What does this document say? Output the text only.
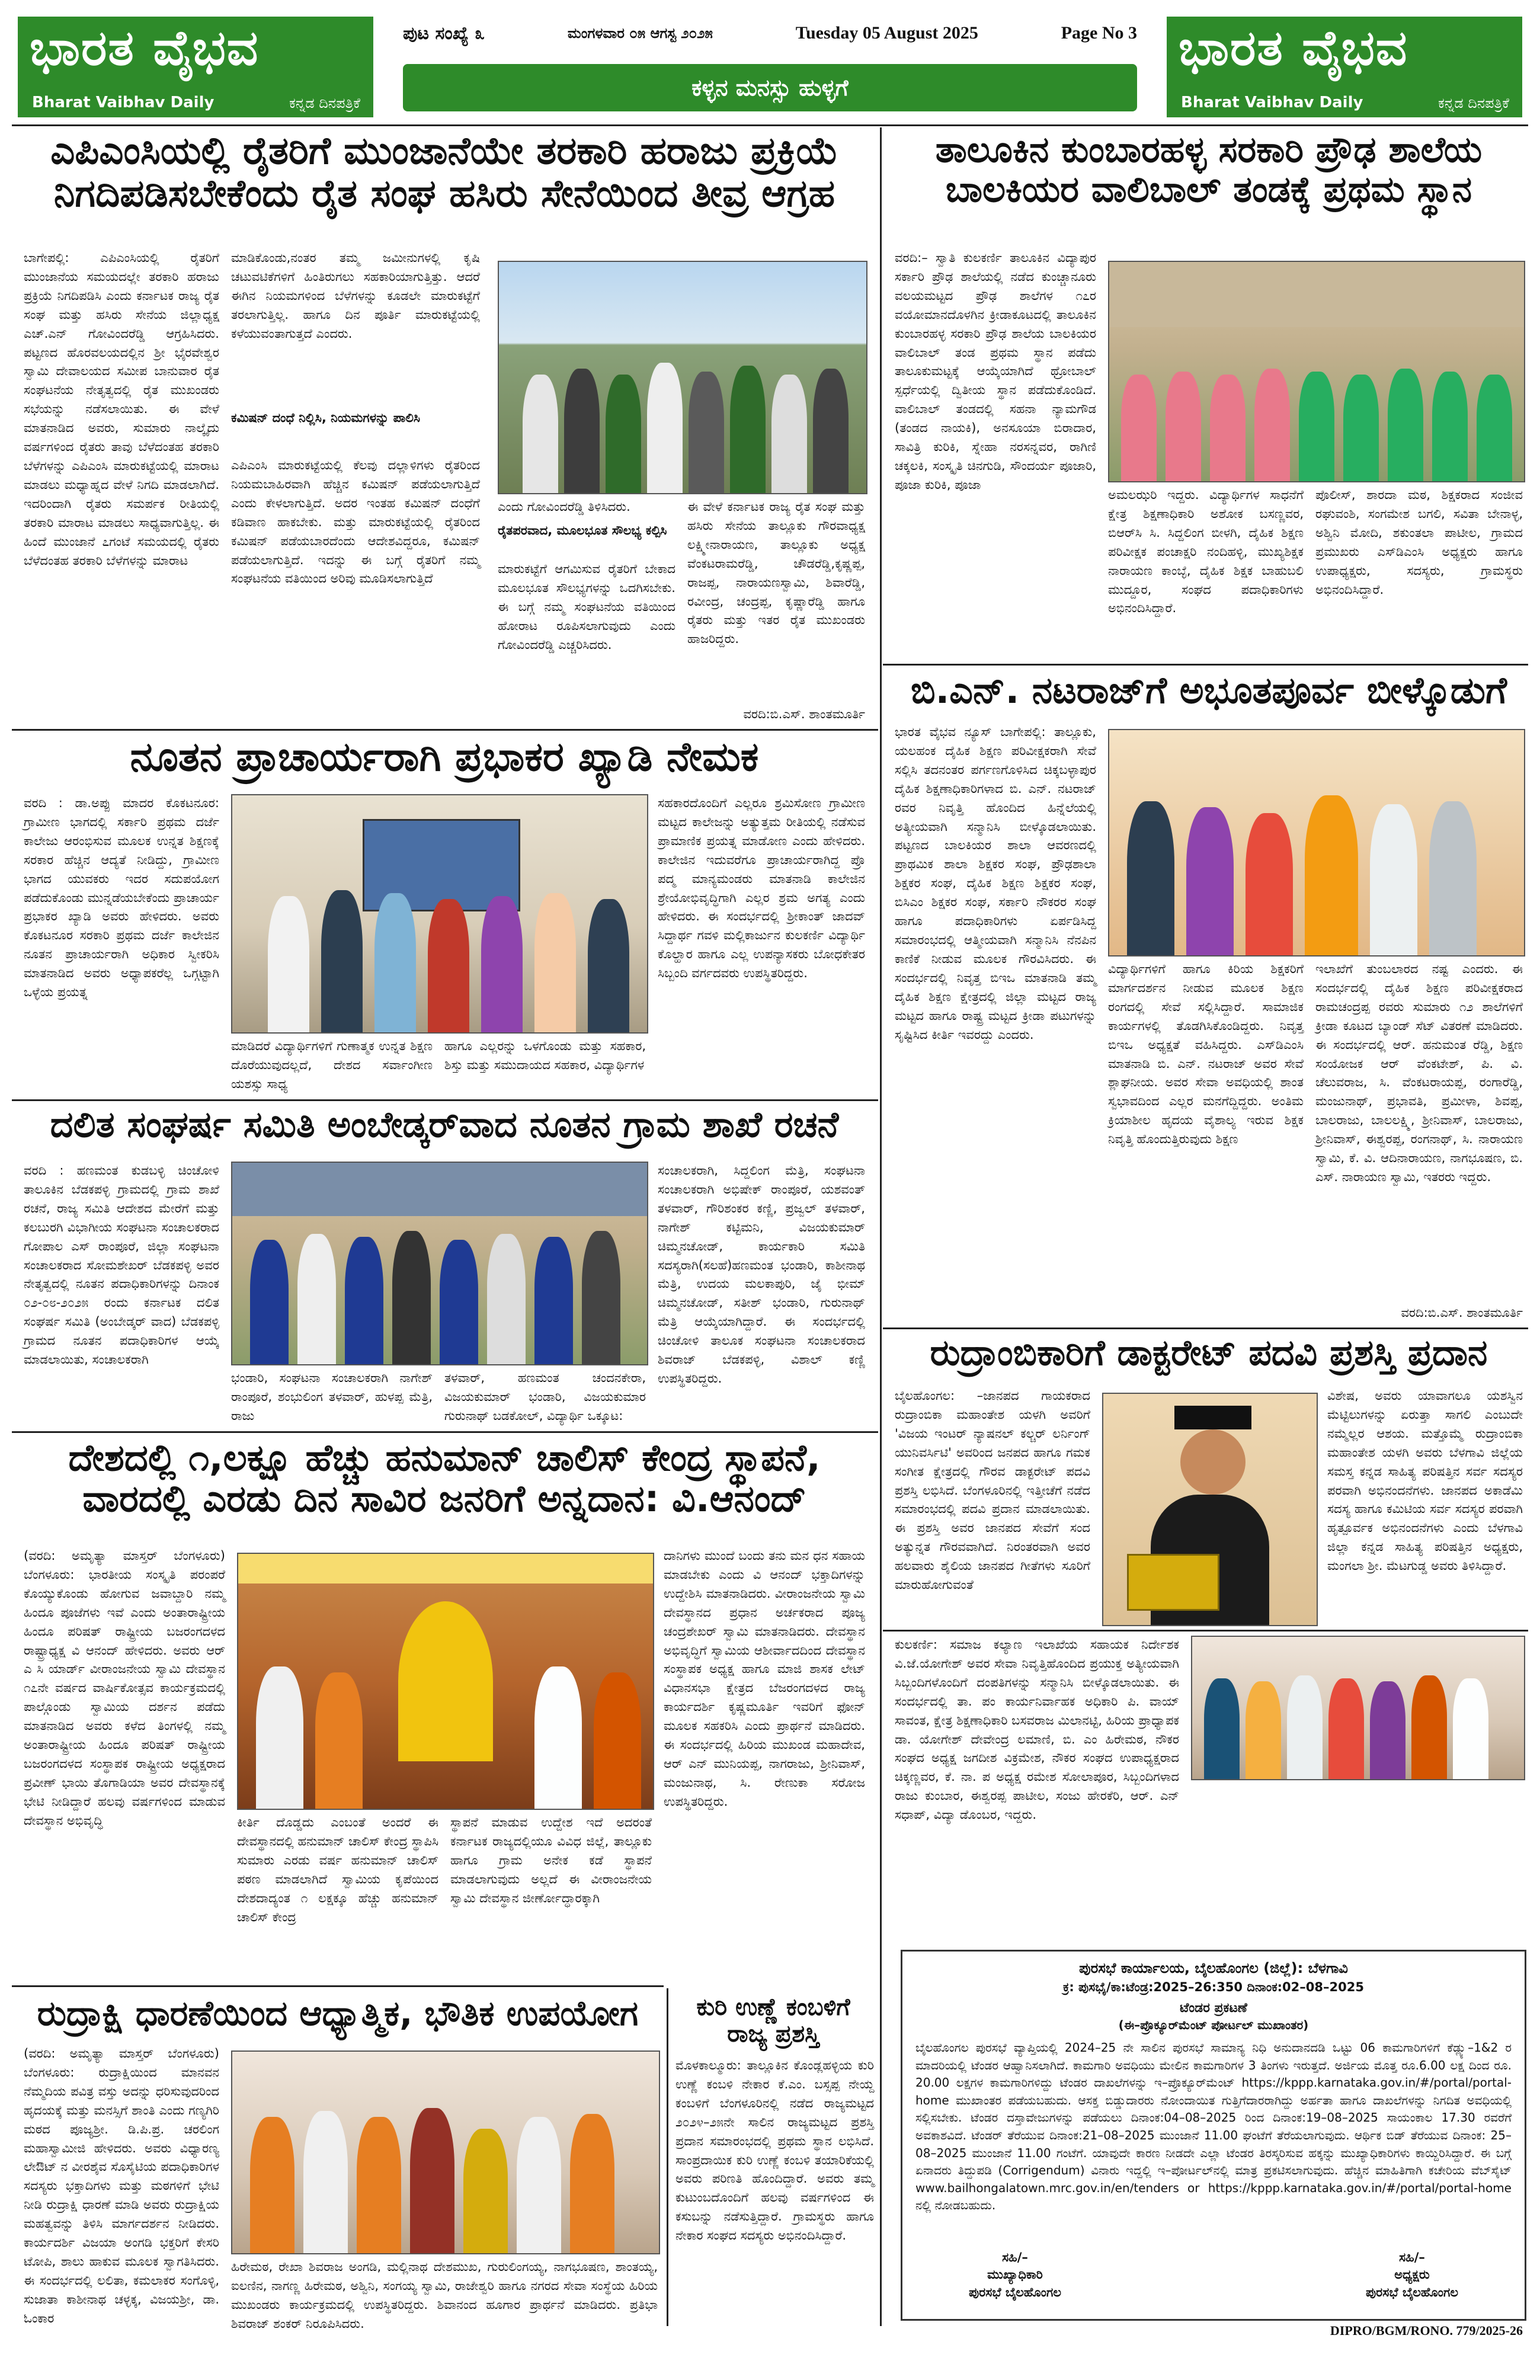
ಭಾರತ ವೈಭವ
Bharat Vaibhav Daily	ಕನ್ನಡ ದಿನಪತ್ರಿಕೆ
ಪುಟ ಸಂಖ್ಯೆ ೩	ಮಂಗಳವಾರ ೦೫ ಆಗಸ್ಟ ೨೦೨೫	Tuesday 05 August 2025	Page No 3
ಕಳ್ಳನ ಮನಸ್ಸು ಹುಳ್ಳಗೆ
ಭಾರತ ವೈಭವ
Bharat Vaibhav Daily	ಕನ್ನಡ ದಿನಪತ್ರಿಕೆ
ಎಪಿಎಂಸಿಯಲ್ಲಿ ರೈತರಿಗೆ ಮುಂಜಾನೆಯೇ ತರಕಾರಿ ಹರಾಜು ಪ್ರಕ್ರಿಯೆ ನಿಗದಿಪಡಿಸಬೇಕೆಂದು ರೈತ ಸಂಘ ಹಸಿರು ಸೇನೆಯಿಂದ ತೀವ್ರ ಆಗ್ರಹ
ಬಾಗೇಪಲ್ಲಿ: ಎಪಿಎಂಸಿಯಲ್ಲಿ ರೈತರಿಗೆ ಮುಂಜಾನೆಯ ಸಮಯದಲ್ಲೇ ತರಕಾರಿ ಹರಾಜು ಪ್ರಕ್ರಿಯೆ ನಿಗದಿಪಡಿಸಿ ಎಂದು ಕರ್ನಾಟಕ ರಾಜ್ಯ ರೈತ ಸಂಘ ಮತ್ತು ಹಸಿರು ಸೇನೆಯ ಜಿಲ್ಲಾಧ್ಯಕ್ಷ ಎಚ್.ಎನ್ ಗೋವಿಂದರೆಡ್ಡಿ ಆಗ್ರಹಿಸಿದರು. ಪಟ್ಟಣದ ಹೊರವಲಯದಲ್ಲಿನ ಶ್ರೀ ಭೈರವೇಶ್ವರ ಸ್ವಾಮಿ ದೇವಾಲಯದ ಸಮೀಪ ಬಾನುವಾರ ರೈತ ಸಂಘಟನೆಯ ನೇತೃತ್ವದಲ್ಲಿ ರೈತ ಮುಖಂಡರು ಸಭೆಯನ್ನು ನಡೆಸಲಾಯಿತು. ಈ ವೇಳೆ ಮಾತನಾಡಿದ ಅವರು, ಸುಮಾರು ನಾಲ್ಕೈದು ವರ್ಷಗಳಿಂದ ರೈತರು ತಾವು ಬೆಳೆದಂತಹ ತರಕಾರಿ ಬೆಳೆಗಳನ್ನು ಎಪಿಎಂಸಿ ಮಾರುಕಟ್ಟೆಯಲ್ಲಿ ಮಾರಾಟ ಮಾಡಲು ಮಧ್ಯಾಹ್ನದ ವೇಳೆ ನಿಗದಿ ಮಾಡಲಾಗಿದೆ. ಇದರಿಂದಾಗಿ ರೈತರು ಸಮರ್ಪಕ ರೀತಿಯಲ್ಲಿ ತರಕಾರಿ ಮಾರಾಟ ಮಾಡಲು ಸಾಧ್ಯವಾಗುತ್ತಿಲ್ಲ. ಈ ಹಿಂದೆ ಮುಂಜಾನೆ ೭ಗಂಟೆ ಸಮಯದಲ್ಲಿ ರೈತರು ಬೆಳೆದಂತಹ ತರಕಾರಿ ಬೆಳೆಗಳನ್ನು ಮಾರಾಟ
ಮಾಡಿಕೊಂಡು,ನಂತರ ತಮ್ಮ ಜಮೀನುಗಳಲ್ಲಿ ಕೃಷಿ ಚಟುವಟಿಕೆಗಳಿಗೆ ಹಿಂತಿರುಗಲು ಸಹಕಾರಿಯಾಗುತ್ತಿತ್ತು. ಆದರೆ ಈಗಿನ ನಿಯಮಗಳಿಂದ ಬೆಳೆಗಳನ್ನು ಕೂಡಲೇ ಮಾರುಕಟ್ಟೆಗೆ ತರಲಾಗುತ್ತಿಲ್ಲ. ಹಾಗೂ ದಿನ ಪೂರ್ತಿ ಮಾರುಕಟ್ಟೆಯಲ್ಲಿ ಕಳೆಯುವಂತಾಗುತ್ತದೆ ಎಂದರು.
ಕಮಿಷನ್ ದಂಧೆ ನಿಲ್ಲಿಸಿ, ನಿಯಮಗಳನ್ನು ಪಾಲಿಸಿ
ಎಪಿಎಂಸಿ ಮಾರುಕಟ್ಟೆಯಲ್ಲಿ ಕೆಲವು ದಲ್ಲಾಳಿಗಳು ರೈತರಿಂದ ನಿಯಮಬಾಹಿರವಾಗಿ ಹೆಚ್ಚಿನ ಕಮಿಷನ್ ಪಡೆಯಲಾಗುತ್ತಿದೆ ಎಂದು ಕೇಳಲಾಗುತ್ತಿದೆ. ಅದರ ಇಂತಹ ಕಮಿಷನ್ ದಂಧೆಗೆ ಕಡಿವಾಣ ಹಾಕಬೇಕು. ಮತ್ತು ಮಾರುಕಟ್ಟೆಯಲ್ಲಿ ರೈತರಿಂದ ಕಮಿಷನ್ ಪಡೆಯಬಾರದೆಂದು ಆದೇಶವಿದ್ದರೂ, ಕಮಿಷನ್ ಪಡೆಯಲಾಗುತ್ತಿದೆ. ಇದನ್ನು ಈ ಬಗ್ಗೆ ರೈತರಿಗೆ ನಮ್ಮ ಸಂಘಟನೆಯ ವತಿಯಿಂದ ಅರಿವು ಮೂಡಿಸಲಾಗುತ್ತಿದೆ
ಎಂದು ಗೋವಿಂದರೆಡ್ಡಿ ತಿಳಿಸಿದರು.
ರೈತಪರವಾದ, ಮೂಲಭೂತ ಸೌಲಭ್ಯ ಕಲ್ಪಿಸಿ
ಮಾರುಕಟ್ಟೆಗೆ ಆಗಮಿಸುವ ರೈತರಿಗೆ ಬೇಕಾದ ಮೂಲಭೂತ ಸೌಲಭ್ಯಗಳನ್ನು ಒದಗಿಸಬೇಕು. ಈ ಬಗ್ಗೆ ನಮ್ಮ ಸಂಘಟನೆಯ ವತಿಯಿಂದ ಹೋರಾಟ ರೂಪಿಸಲಾಗುವುದು ಎಂದು ಗೋವಿಂದರೆಡ್ಡಿ ಎಚ್ಚರಿಸಿದರು.
ಈ ವೇಳೆ ಕರ್ನಾಟಕ ರಾಜ್ಯ ರೈತ ಸಂಘ ಮತ್ತು ಹಸಿರು ಸೇನೆಯ ತಾಲ್ಲೂಕು ಗೌರವಾಧ್ಯಕ್ಷ ಲಕ್ಷ್ಮೀನಾರಾಯಣ, ತಾಲ್ಲೂಕು ಅಧ್ಯಕ್ಷ ವೆಂಕಟರಾಮರೆಡ್ಡಿ, ಚೌಡರೆಡ್ಡಿ,ಕೃಷ್ಣಪ್ಪ, ರಾಜಪ್ಪ, ನಾರಾಯಣಸ್ವಾಮಿ, ಶಿವಾರೆಡ್ಡಿ, ರವೀಂದ್ರ, ಚಂದ್ರಪ್ಪ, ಕೃಷ್ಣಾರೆಡ್ಡಿ ಹಾಗೂ ರೈತರು ಮತ್ತು ಇತರ ರೈತ ಮುಖಂಡರು ಹಾಜರಿದ್ದರು.
ವರದಿ:ಬಿ.ಎಸ್. ಶಾಂತಮೂರ್ತಿ
ನೂತನ ಪ್ರಾಚಾರ್ಯರಾಗಿ ಪ್ರಭಾಕರ ಖ್ಯಾಡಿ ನೇಮಕ
ವರದಿ : ಡಾ.ಅಪ್ಪು ಮಾದರ ಕೊಕಟನೂರ: ಗ್ರಾಮೀಣ ಭಾಗದಲ್ಲಿ ಸರ್ಕಾರಿ ಪ್ರಥಮ ದರ್ಜೆ ಕಾಲೇಜು ಆರಂಭಿಸುವ ಮೂಲಕ ಉನ್ನತ ಶಿಕ್ಷಣಕ್ಕೆ ಸರಕಾರ ಹೆಚ್ಚಿನ ಆದ್ಯತೆ ನೀಡಿದ್ದು, ಗ್ರಾಮೀಣ ಭಾಗದ ಯುವಕರು ಇದರ ಸದುಪಯೋಗ ಪಡೆದುಕೊಂಡು ಮುನ್ನಡೆಯಬೇಕೆಂದು ಪ್ರಾಚಾರ್ಯ ಪ್ರಭಾಕರ ಖ್ಯಾಡಿ ಅವರು ಹೇಳಿದರು. ಅವರು ಕೊಕಟನೂರ ಸರಕಾರಿ ಪ್ರಥಮ ದರ್ಜೆ ಕಾಲೇಜಿನ ನೂತನ ಪ್ರಾಚಾರ್ಯರಾಗಿ ಅಧಿಕಾರ ಸ್ವೀಕರಿಸಿ ಮಾತನಾಡಿದ ಅವರು ಅಧ್ಯಾಪಕರೆಲ್ಲ ಒಗ್ಗಟ್ಟಾಗಿ ಒಳ್ಳೆಯ ಪ್ರಯತ್ನ
ಮಾಡಿದರೆ ವಿದ್ಯಾರ್ಥಿಗಳಿಗೆ ಗುಣಾತ್ಮಕ ಉನ್ನತ ಶಿಕ್ಷಣ ದೊರೆಯುವುದಲ್ಲದೆ, ದೇಶದ ಸರ್ವಾಂಗೀಣ ಯಶಸ್ಸು ಸಾಧ್ಯ
ಹಾಗೂ ಎಲ್ಲರನ್ನು ಒಳಗೊಂಡು ಮತ್ತು ಸಹಕಾರ, ಶಿಸ್ತು ಮತ್ತು ಸಮುದಾಯದ ಸಹಕಾರ, ವಿದ್ಯಾರ್ಥಿಗಳ
ಸಹಕಾರದೊಂದಿಗೆ ಎಲ್ಲರೂ ಶ್ರಮಿಸೋಣ ಗ್ರಾಮೀಣ ಮಟ್ಟದ ಕಾಲೇಜನ್ನು ಅತ್ಯುತ್ತಮ ರೀತಿಯಲ್ಲಿ ನಡೆಸುವ ಪ್ರಾಮಾಣಿಕ ಪ್ರಯತ್ನ ಮಾಡೋಣ ಎಂದು ಹೇಳಿದರು. ಕಾಲೇಜಿನ ಇದುವರೆಗೂ ಪ್ರಾಚಾರ್ಯರಾಗಿದ್ದ ಪ್ರೊ ಪದ್ಮ ಮಾನ್ಯಮಂಡರು ಮಾತನಾಡಿ ಕಾಲೇಜಿನ ಶ್ರೇಯೋಭಿವೃದ್ಧಿಗಾಗಿ ಎಲ್ಲರ ಶ್ರಮ ಅಗತ್ಯ ಎಂದು ಹೇಳಿದರು. ಈ ಸಂದರ್ಭದಲ್ಲಿ ಶ್ರೀಕಾಂತ್ ಜಾದವ್ ಸಿದ್ದಾರ್ಥ ಗವಳಿ ಮಲ್ಲಿಕಾರ್ಜುನ ಕುಲಕರ್ಣಿ ವಿದ್ಯಾರ್ಥಿ ಕೊಲ್ಹಾರ ಹಾಗೂ ಎಲ್ಲ ಉಪನ್ಯಾಸಕರು ಬೋಧಕೇತರ ಸಿಬ್ಬಂದಿ ವರ್ಗದವರು ಉಪಸ್ಥಿತರಿದ್ದರು.
ದಲಿತ ಸಂಘರ್ಷ ಸಮಿತಿ ಅಂಬೇಡ್ಕರ್‌ವಾದ ನೂತನ ಗ್ರಾಮ ಶಾಖೆ ರಚನೆ
ವರದಿ : ಹಣಮಂತ ಕುಡಬಳ್ಳಿ ಚಿಂಚೋಳಿ ತಾಲೂಕಿನ ಬೆಡಕಪಳ್ಳಿ ಗ್ರಾಮದಲ್ಲಿ ಗ್ರಾಮ ಶಾಖೆ ರಚನೆ, ರಾಜ್ಯ ಸಮಿತಿ ಆದೇಶದ ಮೇರೆಗೆ ಮತ್ತು ಕಲಬುರಗಿ ವಿಭಾಗೀಯ ಸಂಘಟನಾ ಸಂಚಾಲಕರಾದ ಗೋಪಾಲ ಎಸ್ ರಾಂಪೂರೆ, ಜಿಲ್ಲಾ ಸಂಘಟನಾ ಸಂಚಾಲಕರಾದ ಸೋಮಶೇಖರ್ ಬೆಡಕಪಳ್ಳಿ ಅವರ ನೇತೃತ್ವದಲ್ಲಿ ನೂತನ ಪದಾಧಿಕಾರಿಗಳನ್ನು ದಿನಾಂಕ ೦೨-೦೮-೨೦೨೫ ರಂದು ಕರ್ನಾಟಕ ದಲಿತ ಸಂಘರ್ಷ ಸಮಿತಿ (ಅಂಬೇಡ್ಕರ್ ವಾದ) ಬೆಡಕಪಳ್ಳಿ ಗ್ರಾಮದ ನೂತನ ಪದಾಧಿಕಾರಿಗಳ ಆಯ್ಕೆ ಮಾಡಲಾಯಿತು, ಸಂಚಾಲಕರಾಗಿ
ಭಂಡಾರಿ, ಸಂಘಟನಾ ಸಂಚಾಲಕರಾಗಿ ನಾಗೇಶ್ ರಾಂಪೂರೆ, ಶಂಭುಲಿಂಗ ತಳವಾರ್, ಹುಳಪ್ಪ ಮೆತ್ರಿ, ರಾಜು
ತಳವಾರ್, ಹಣಮಂತ ಚಂದನಕೇರಾ, ವಿಜಯಕುಮಾರ್ ಭಂಡಾರಿ, ವಿಜಯಕುಮಾರ ಗುರುನಾಥ್ ಬಡಕೋಲ್, ವಿದ್ಯಾರ್ಥಿ ಒಕ್ಕೂಟ:
ಸಂಚಾಲಕರಾಗಿ, ಸಿದ್ದಲಿಂಗ ಮೆತ್ರಿ, ಸಂಘಟನಾ ಸಂಚಾಲಕರಾಗಿ ಅಭಿಷೇಕ್ ರಾಂಪೂರೆ, ಯಶವಂತ್ ತಳವಾರ್, ಗೌರಿಶಂಕರ ಕಣ್ಣಿ, ಪ್ರಜ್ವಲ್ ತಳವಾರ್, ನಾಗೇಶ್ ಕಟ್ಟಿಮನಿ, ವಿಜಯಕುಮಾರ್ ಚಿಮ್ಮನಚೋಡ್, ಕಾರ್ಯಕಾರಿ ಸಮಿತಿ ಸದಸ್ಯರಾಗಿ(ಸಲಹೆ)ಹಣಮಂತ ಭಂಡಾರಿ, ಕಾಶೀನಾಥ ಮೆತ್ರಿ, ಉದಯ ಮಲಕಾಪುರಿ, ಜೈ ಭೀಮ್ ಚಿಮ್ಮನಚೋಡ್, ಸತೀಶ್ ಭಂಡಾರಿ, ಗುರುನಾಥ್ ಮೆತ್ರಿ ಆಯ್ಕೆಯಾಗಿದ್ದಾರೆ. ಈ ಸಂದರ್ಭದಲ್ಲಿ ಚಿಂಚೋಳಿ ತಾಲೂಕ ಸಂಘಟನಾ ಸಂಚಾಲಕರಾದ ಶಿವರಾಜ್ ಬೆಡಕಪಳ್ಳಿ, ವಿಶಾಲ್ ಕಣ್ಣಿ ಉಪಸ್ಥಿತರಿದ್ದರು.
ದೇಶದಲ್ಲಿ ೧,ಲಕ್ಷೂ ಹೆಚ್ಚು ಹನುಮಾನ್ ಚಾಲಿಸ್ ಕೇಂದ್ರ ಸ್ಥಾಪನೆ, ವಾರದಲ್ಲಿ ಎರಡು ದಿನ ಸಾವಿರ ಜನರಿಗೆ ಅನ್ನದಾನ: ವಿ.ಆನಂದ್
(ವರದಿ: ಅಮೃತ್ಯಾ ಮಾಸ್ತರ್ ಬೆಂಗಳೂರು) ಬೆಂಗಳೂರು: ಭಾರತೀಯ ಸಂಸ್ಕೃತಿ ಪರಂಪರೆ ಕೊಯ್ಯುಕೊಂಡು ಹೋಗುವ ಜವಾಬ್ದಾರಿ ನಮ್ಮ ಹಿಂದೂ ಪೂಜೆಗಳು ಇವೆ ಎಂದು ಅಂತಾರಾಷ್ಟ್ರೀಯ ಹಿಂದೂ ಪರಿಷತ್ ರಾಷ್ಟ್ರೀಯ ಬಜರಂಗದಳದ ರಾಷ್ಟ್ರಾಧ್ಯಕ್ಷ ವಿ ಆನಂದ್ ಹೇಳಿದರು. ಅವರು ಆರ್ ಎ ಸಿ ಯಾರ್ಡ್ ವೀರಾಂಜನೇಯ ಸ್ವಾಮಿ ದೇವಸ್ಥಾನ ೧೭ನೇ ವರ್ಷದ ವಾರ್ಷಿಕೋತ್ಸವ ಕಾರ್ಯಕ್ರಮದಲ್ಲಿ ಪಾಲ್ಗೊಂಡು ಸ್ವಾಮಿಯ ದರ್ಶನ ಪಡೆದು ಮಾತನಾಡಿದ ಅವರು ಕಳೆದ ತಿಂಗಳಲ್ಲಿ ನಮ್ಮ ಅಂತಾರಾಷ್ಟ್ರೀಯ ಹಿಂದೂ ಪರಿಷತ್ ರಾಷ್ಟ್ರೀಯ ಬಜರಂಗದಳದ ಸಂಸ್ಥಾಪಕ ರಾಷ್ಟ್ರೀಯ ಅಧ್ಯಕ್ಷರಾದ ಪ್ರವೀಣ್ ಭಾಯಿ ತೊಗಾಡಿಯಾ ಅವರ ದೇವಸ್ಥಾನಕ್ಕೆ ಭೇಟಿ ನೀಡಿದ್ದಾರೆ ಹಲವು ವರ್ಷಗಳಿಂದ ಮಾಡುವ ದೇವಸ್ಥಾನ ಅಭಿವೃದ್ಧಿ
ದಾನಿಗಳು ಮುಂದೆ ಬಂದು ತನು ಮನ ಧನ ಸಹಾಯ ಮಾಡಬೇಕು ಎಂದು ವಿ ಆನಂದ್ ಭಕ್ತಾದಿಗಳನ್ನು ಉದ್ದೇಶಿಸಿ ಮಾತನಾಡಿದರು. ವೀರಾಂಜನೇಯ ಸ್ವಾಮಿ ದೇವಸ್ಥಾನದ ಪ್ರಧಾನ ಅರ್ಚಕರಾದ ಪೂಜ್ಯ ಚಂದ್ರಶೇಖರ್ ಸ್ವಾಮಿ ಮಾತನಾಡಿದರು. ದೇವಸ್ಥಾನ ಅಭಿವೃದ್ಧಿಗೆ ಸ್ವಾಮಿಯ ಆಶೀರ್ವಾದದಿಂದ ದೇವಸ್ಥಾನ ಸಂಸ್ಥಾಪಕ ಅಧ್ಯಕ್ಷ ಹಾಗೂ ಮಾಜಿ ಶಾಸಕ ಲೇಟ್ ವಿಧಾನಸಭಾ ಕ್ಷೇತ್ರದ ಬೆಜರಂಗದಳದ ರಾಜ್ಯ ಕಾರ್ಯದರ್ಶಿ ಕೃಷ್ಣಮೂರ್ತಿ ಇವರಿಗೆ ಫೋನ್ ಮೂಲಕ ಸಹಕರಿಸಿ ಎಂದು ಪ್ರಾರ್ಥನೆ ಮಾಡಿದರು. ಈ ಸಂದರ್ಭದಲ್ಲಿ ಹಿರಿಯ ಮುಖಂಡ ಮಹಾದೇವ, ಆರ್ ಎನ್ ಮುನಿಯಪ್ಪ, ನಾಗರಾಜು, ಶ್ರೀನಿವಾಸ್, ಮಂಜುನಾಥ, ಸಿ. ರೇಣುಕಾ ಸರೋಜ ಉಪಸ್ಥಿತರಿದ್ದರು.
ಕೀರ್ತಿ ದೊಡ್ಡದು ಎಂಬಂತೆ ಅಂದರೆ ಈ ದೇವಸ್ಥಾನದಲ್ಲಿ ಹನುಮಾನ್ ಚಾಲಿಸ್ ಕೇಂದ್ರ ಸ್ಥಾಪಿಸಿ ಸುಮಾರು ಎರಡು ವರ್ಷ ಹನುಮಾನ್ ಚಾಲಿಸ್ ಪಠಣ ಮಾಡಲಾಗಿದೆ ಸ್ವಾಮಿಯ ಕೃಪೆಯಿಂದ ದೇಶದಾದ್ಯಂತ ೧ ಲಕ್ಷಕ್ಕೂ ಹೆಚ್ಚು ಹನುಮಾನ್ ಚಾಲಿಸ್ ಕೇಂದ್ರ
ಸ್ಥಾಪನೆ ಮಾಡುವ ಉದ್ದೇಶ ಇದೆ ಅದರಂತೆ ಕರ್ನಾಟಕ ರಾಜ್ಯದಲ್ಲಿಯೂ ವಿವಿಧ ಜಿಲ್ಲೆ, ತಾಲ್ಲೂಕು ಹಾಗೂ ಗ್ರಾಮ ಅನೇಕ ಕಡೆ ಸ್ಥಾಪನೆ ಮಾಡಲಾಗುವುದು ಅಲ್ಲದೆ ಈ ವೀರಾಂಜನೇಯ ಸ್ವಾಮಿ ದೇವಸ್ಥಾನ ಜೀರ್ಣೋದ್ಧಾರಕ್ಕಾಗಿ
ರುದ್ರಾಕ್ಷಿ ಧಾರಣೆಯಿಂದ ಆಧ್ಯಾತ್ಮಿಕ, ಭೌತಿಕ ಉಪಯೋಗ
(ವರದಿ: ಅಮೃತ್ಯಾ ಮಾಸ್ತರ್ ಬೆಂಗಳೂರು) ಬೆಂಗಳೂರು: ರುದ್ರಾಕ್ಷಿಯಿಂದ ಮಾನವನ ನೆಮ್ಮದಿಯ ಪವಿತ್ರ ವಸ್ತು ಅದನ್ನು ಧರಿಸುವುದರಿಂದ ಹೃದಯಕ್ಕೆ ಮತ್ತು ಮನಸ್ಸಿಗೆ ಶಾಂತಿ ಎಂದು ಗಣ್ಯಗಿರಿ ಮಠದ ಪೂಜ್ಯಶ್ರೀ. ಡಿ.ಪಿ.ಪ್ರ. ಚರಲಿಂಗ ಮಹಾಸ್ವಾಮೀಜಿ ಹೇಳಿದರು. ಅವರು ವಿಧ್ಯಾರಣ್ಯ ಲೇಔಟ್ ನ ವೀರಶೈವ ಸೊಸೈಟಿಯ ಪದಾಧಿಕಾರಿಗಳ ಸದಸ್ಯರು ಭಕ್ತಾದಿಗಳು ಮತ್ತು ಮಠಗಳಿಗೆ ಭೇಟಿ ನೀಡಿ ರುದ್ರಾಕ್ಷಿ ಧಾರಣೆ ಮಾಡಿ ಅವರು ರುದ್ರಾಕ್ಷಿಯ ಮಹತ್ವವನ್ನು ತಿಳಿಸಿ ಮಾರ್ಗದರ್ಶನ ನೀಡಿದರು. ಕಾರ್ಯದರ್ಶಿ ವಿಜಯಾ ಅಂಗಡಿ ಭಕ್ತರಿಗೆ ಕೇಸರಿ ಟೋಪಿ, ಶಾಲು ಹಾಕುವ ಮೂಲಕ ಸ್ವಾಗತಿಸಿದರು. ಈ ಸಂದರ್ಭದಲ್ಲಿ ಲಲಿತಾ, ಕಮಲಾಕರ ಸಂಗೊಳ್ಳಿ, ಸುಜಾತಾ ಕಾಶೀನಾಥ ಚಳ್ಳಕ್ಕ, ವಿಜಯಶ್ರೀ, ಡಾ. ಓಂಕಾರ
ಹಿರೇಮಠ, ರೇಖಾ ಶಿವರಾಜ ಅಂಗಡಿ, ಮಲ್ಲಿನಾಥ ದೇಶಮುಖ, ಗುರುಲಿಂಗಯ್ಯ, ನಾಗಭೂಷಣ, ಶಾಂತಯ್ಯ, ಐಲಣಿನ, ನಾಗಣ್ಣ ಹಿರೇಮಠ, ಅಶ್ವಿನಿ, ಸಂಗಯ್ಯ ಸ್ವಾಮಿ, ರಾಜೇಶ್ವರಿ ಹಾಗೂ ನಗರದ ಸೇವಾ ಸಂಸ್ಥೆಯ ಹಿರಿಯ ಮುಖಂಡರು ಕಾರ್ಯಕ್ರಮದಲ್ಲಿ ಉಪಸ್ಥಿತರಿದ್ದರು. ಶಿವಾನಂದ ಹೂಗಾರ ಪ್ರಾರ್ಥನೆ ಮಾಡಿದರು. ಪ್ರತಿಭಾ ಶಿವರಾಜ್ ಶಂಕರ್ ನಿರೂಪಿಸಿದರು.
ಕುರಿ ಉಣ್ಣೆ ಕಂಬಳಿಗೆ ರಾಜ್ಯ ಪ್ರಶಸ್ತಿ
ಮೊಳಕಾಲ್ಮೂರು: ತಾಲ್ಲೂಕಿನ ಕೊಂಡ್ಲಹಳ್ಳಿಯ ಕುರಿ ಉಣ್ಣೆ ಕಂಬಳಿ ನೇಕಾರ ಕೆ.ಎಂ. ಬಸ್ಸಪ್ಪ ನೇಯ್ದ ಕಂಬಳಿಗೆ ಬೆಂಗಳೂರಿನಲ್ಲಿ ನಡೆದ ರಾಜ್ಯಮಟ್ಟದ ೨೦೨೪–೨೫ನೇ ಸಾಲಿನ ರಾಜ್ಯಮಟ್ಟದ ಪ್ರಶಸ್ತಿ ಪ್ರದಾನ ಸಮಾರಂಭದಲ್ಲಿ ಪ್ರಥಮ ಸ್ಥಾನ ಲಭಿಸಿದೆ. ಸಾಂಪ್ರದಾಯಿಕ ಕುರಿ ಉಣ್ಣೆ ಕಂಬಳಿ ತಯಾರಿಕೆಯಲ್ಲಿ ಅವರು ಪರಿಣತಿ ಹೊಂದಿದ್ದಾರೆ. ಅವರು ತಮ್ಮ ಕುಟುಂಬದೊಂದಿಗೆ ಹಲವು ವರ್ಷಗಳಿಂದ ಈ ಕಸುಬನ್ನು ನಡೆಸುತ್ತಿದ್ದಾರೆ. ಗ್ರಾಮಸ್ಥರು ಹಾಗೂ ನೇಕಾರ ಸಂಘದ ಸದಸ್ಯರು ಅಭಿನಂದಿಸಿದ್ದಾರೆ.
ತಾಲೂಕಿನ ಕುಂಬಾರಹಳ್ಳ ಸರಕಾರಿ ಪ್ರೌಢ ಶಾಲೆಯ ಬಾಲಕಿಯರ ವಾಲಿಬಾಲ್ ತಂಡಕ್ಕೆ ಪ್ರಥಮ ಸ್ಥಾನ
ವರದಿ:– ಸ್ವಾತಿ ಕುಲಕರ್ಣಿ ತಾಲೂಕಿನ ವಿದ್ಯಾಪುರ ಸರ್ಕಾರಿ ಪ್ರೌಢ ಶಾಲೆಯಲ್ಲಿ ನಡೆದ ಕುಂಚ್ಚಾನೂರು ವಲಯಮಟ್ಟದ ಪ್ರೌಢ ಶಾಲೆಗಳ ೧೭ರ ವಯೋಮಾನದೊಳಗಿನ ಕ್ರೀಡಾಕೂಟದಲ್ಲಿ ತಾಲೂಕಿನ ಕುಂಬಾರಹಳ್ಳ ಸರಕಾರಿ ಪ್ರೌಢ ಶಾಲೆಯ ಬಾಲಕಿಯರ ವಾಲಿಬಾಲ್ ತಂಡ ಪ್ರಥಮ ಸ್ಥಾನ ಪಡೆದು ತಾಲೂಕುಮಟ್ಟಕ್ಕೆ ಆಯ್ಕೆಯಾಗಿದೆ ಥ್ರೋಬಾಲ್ ಸ್ಪರ್ಧೆಯಲ್ಲಿ ದ್ವಿತೀಯ ಸ್ಥಾನ ಪಡೆದುಕೊಂಡಿದೆ. ವಾಲಿಬಾಲ್ ತಂಡದಲ್ಲಿ ಸಹನಾ ನ್ಯಾಮಗೌಡ (ತಂಡದ ನಾಯಕಿ), ಅನಸೂಯಾ ಬಿರಾದಾರ, ಸಾವಿತ್ರಿ ಕುರಿಕಿ, ಸ್ನೇಹಾ ನರಸನ್ನವರ, ರಾಗಿಣಿ ಚಕ್ಕಲಕಿ, ಸಂಸ್ಕೃತಿ ಚಿನಗುಡಿ, ಸೌಂದರ್ಯ ಪೂಜಾರಿ, ಪೂಜಾ ಕುರಿಕಿ, ಪೂಜಾ
ಅಮಲಝರಿ ಇದ್ದರು. ವಿದ್ಯಾರ್ಥಿಗಳ ಸಾಧನೆಗೆ ಕ್ಷೇತ್ರ ಶಿಕ್ಷಣಾಧಿಕಾರಿ ಅಶೋಕ ಬಸಣ್ಣವರ, ಬಿಆರ್‌ಸಿ ಸಿ. ಸಿದ್ದಲಿಂಗ ಬೀಳಗಿ, ದೈಹಿಕ ಶಿಕ್ಷಣ ಪರಿವೀಕ್ಷಕ ಪಂಚಾಕ್ಷರಿ ನಂದಿಹಳ್ಳಿ, ಮುಖ್ಯಶಿಕ್ಷಕ ನಾರಾಯಣ ಕಾಂಬ್ಳೆ, ದೈಹಿಕ ಶಿಕ್ಷಕ ಬಾಹುಬಲಿ ಮುದ್ದೂರ, ಸಂಘದ ಪದಾಧಿಕಾರಿಗಳು ಅಭಿನಂದಿಸಿದ್ದಾರೆ.
ಪೊಲೀಸ್, ಶಾರದಾ ಮಠ, ಶಿಕ್ಷಕರಾದ ಸಂಜೀವ ರಘುವಂಶಿ, ಸಂಗಮೇಶ ಬಗಲಿ, ಸವಿತಾ ಬೇನಾಳ್ಳ, ಅಶ್ವಿನಿ ಮೋದಿ, ಶಕುಂತಲಾ ಪಾಟೀಲ, ಗ್ರಾಮದ ಪ್ರಮುಖರು ಎಸ್‌ಡಿಎಂಸಿ ಅಧ್ಯಕ್ಷರು ಹಾಗೂ ಉಪಾಧ್ಯಕ್ಷರು, ಸದಸ್ಯರು, ಗ್ರಾಮಸ್ಥರು ಅಭಿನಂದಿಸಿದ್ದಾರೆ.
ಬಿ.ಎನ್. ನಟರಾಜ್‌ಗೆ ಅಭೂತಪೂರ್ವ ಬೀಳ್ಕೊಡುಗೆ
ಭಾರತ ವೈಭವ ನ್ಯೂಸ್ ಬಾಗೇಪಲ್ಲಿ: ತಾಲ್ಲೂಕು, ಯಲಹಂಕ ದೈಹಿಕ ಶಿಕ್ಷಣ ಪರಿವೀಕ್ಷಕರಾಗಿ ಸೇವೆ ಸಲ್ಲಿಸಿ ತದನಂತರ ಪರ್ಗಣಗೊಳಿಸಿದ ಚಿಕ್ಕಬಳ್ಳಾಪುರ ದೈಹಿಕ ಶಿಕ್ಷಣಾಧಿಕಾರಿಗಳಾದ ಬಿ. ಎನ್. ನಟರಾಜ್ ರವರ ನಿವೃತ್ತಿ ಹೊಂದಿದ ಹಿನ್ನೆಲೆಯಲ್ಲಿ ಅತ್ಯೀಯವಾಗಿ ಸನ್ಮಾನಿಸಿ ಬೀಳ್ಕೊಡಲಾಯಿತು. ಪಟ್ಟಣದ ಬಾಲಕಿಯರ ಶಾಲಾ ಆವರಣದಲ್ಲಿ ಪ್ರಾಥಮಿಕ ಶಾಲಾ ಶಿಕ್ಷಕರ ಸಂಘ, ಪ್ರೌಢಶಾಲಾ ಶಿಕ್ಷಕರ ಸಂಘ, ದೈಹಿಕ ಶಿಕ್ಷಣ ಶಿಕ್ಷಕರ ಸಂಘ, ಬಿಸಿಎಂ ಶಿಕ್ಷಕರ ಸಂಘ, ಸರ್ಕಾರಿ ನೌಕರರ ಸಂಘ ಹಾಗೂ ಪದಾಧಿಕಾರಿಗಳು ಏರ್ಪಡಿಸಿದ್ದ ಸಮಾರಂಭದಲ್ಲಿ ಆತ್ಮೀಯವಾಗಿ ಸನ್ಮಾನಿಸಿ ನೆನಪಿನ ಕಾಣಿಕೆ ನೀಡುವ ಮೂಲಕ ಗೌರವಿಸಿದರು. ಈ ಸಂದರ್ಭದಲ್ಲಿ ನಿವೃತ್ತ ಬಿಇಒ ಮಾತನಾಡಿ ತಮ್ಮ ದೈಹಿಕ ಶಿಕ್ಷಣ ಕ್ಷೇತ್ರದಲ್ಲಿ ಜಿಲ್ಲಾ ಮಟ್ಟದ ರಾಜ್ಯ ಮಟ್ಟದ ಹಾಗೂ ರಾಷ್ಟ್ರ ಮಟ್ಟದ ಕ್ರೀಡಾ ಪಟುಗಳನ್ನು ಸೃಷ್ಟಿಸಿದ ಕೀರ್ತಿ ಇವರದ್ದು ಎಂದರು.
ವಿದ್ಯಾರ್ಥಿಗಳಿಗೆ ಹಾಗೂ ಕಿರಿಯ ಶಿಕ್ಷಕರಿಗೆ ಮಾರ್ಗದರ್ಶನ ನೀಡುವ ಮೂಲಕ ಶಿಕ್ಷಣ ರಂಗದಲ್ಲಿ ಸೇವೆ ಸಲ್ಲಿಸಿದ್ದಾರೆ. ಸಾಮಾಜಿಕ ಕಾರ್ಯಗಳಲ್ಲಿ ತೊಡಗಿಸಿಕೊಂಡಿದ್ದರು. ನಿವೃತ್ತ ಬಿಇಒ ಅಧ್ಯಕ್ಷತೆ ವಹಿಸಿದ್ದರು. ಎಸ್‌ಡಿಎಂಸಿ ಮಾತನಾಡಿ ಬಿ. ಎನ್. ನಟರಾಜ್ ಅವರ ಸೇವೆ ಶ್ಲಾಘನೀಯ. ಅವರ ಸೇವಾ ಅವಧಿಯಲ್ಲಿ ಶಾಂತ ಸ್ವಭಾವದಿಂದ ಎಲ್ಲರ ಮನಗೆದ್ದಿದ್ದರು. ಅಂತಿಮ ಕ್ರಿಯಾಶೀಲ ಹೃದಯ ವೈಶಾಲ್ಯ ಇರುವ ಶಿಕ್ಷಕ ನಿವೃತ್ತಿ ಹೊಂದುತ್ತಿರುವುದು ಶಿಕ್ಷಣ
ಇಲಾಖೆಗೆ ತುಂಬಲಾರದ ನಷ್ಟ ಎಂದರು. ಈ ಸಂದರ್ಭದಲ್ಲಿ ದೈಹಿಕ ಶಿಕ್ಷಣ ಪರಿವೀಕ್ಷಕರಾದ ರಾಮಚಂದ್ರಪ್ಪ ರವರು ಸುಮಾರು ೧೨ ಶಾಲೆಗಳಿಗೆ ಕ್ರೀಡಾ ಕೂಟದ ಬ್ಯಾಂಡ್ ಸೆಟ್ ವಿತರಣೆ ಮಾಡಿದರು. ಈ ಸಂದರ್ಭದಲ್ಲಿ ಆರ್. ಹನುಮಂತ ರೆಡ್ಡಿ, ಶಿಕ್ಷಣ ಸಂಯೋಜಕ ಆರ್ ವೆಂಕಟೇಶ್, ಪಿ. ವಿ. ಚೆಲುವರಾಜ, ಸಿ. ವೆಂಕಟರಾಯಪ್ಪ, ರಂಗಾರೆಡ್ಡಿ, ಮಂಜುನಾಥ್, ಪ್ರಭಾವತಿ, ಪ್ರಮೀಳಾ, ಶಿವಪ್ಪ, ಬಾಲರಾಜು, ಬಾಲಲಕ್ಷ್ಮಿ, ಶ್ರೀನಿವಾಸ್, ಬಾಲರಾಜು, ಶ್ರೀನಿವಾಸ್, ಈಶ್ವರಪ್ಪ, ರಂಗನಾಥ್, ಸಿ. ನಾರಾಯಣ ಸ್ವಾಮಿ, ಕೆ. ವಿ. ಆದಿನಾರಾಯಣ, ನಾಗಭೂಷಣ, ಬಿ. ಎಸ್. ನಾರಾಯಣ ಸ್ವಾಮಿ, ಇತರರು ಇದ್ದರು.
ವರದಿ:ಬಿ.ಎಸ್. ಶಾಂತಮೂರ್ತಿ
ರುದ್ರಾಂಬಿಕಾರಿಗೆ ಡಾಕ್ಟರೇಟ್ ಪದವಿ ಪ್ರಶಸ್ತಿ ಪ್ರದಾನ
ಬೈಲಹೊಂಗಲ: –ಜಾನಪದ ಗಾಯಕರಾದ ರುದ್ರಾಂಬಿಕಾ ಮಹಾಂತೇಶ ಯಳಗಿ ಅವರಿಗೆ 'ವಿಜಯ ಇಂಟರ್ ನ್ಯಾಷನಲ್ ಕಲ್ಚರ್ ಲರ್ನಿಂಗ್ ಯುನಿವರ್ಸಿಟಿ' ಅವರಿಂದ ಜನಪದ ಹಾಗೂ ಗಮಕ ಸಂಗೀತ ಕ್ಷೇತ್ರದಲ್ಲಿ ಗೌರವ ಡಾಕ್ಟರೇಟ್ ಪದವಿ ಪ್ರಶಸ್ತಿ ಲಭಿಸಿದೆ. ಬೆಂಗಳೂರಿನಲ್ಲಿ ಇತ್ತೀಚೆಗೆ ನಡೆದ ಸಮಾರಂಭದಲ್ಲಿ ಪದವಿ ಪ್ರದಾನ ಮಾಡಲಾಯಿತು. ಈ ಪ್ರಶಸ್ತಿ ಅವರ ಜಾನಪದ ಸೇವೆಗೆ ಸಂದ ಅತ್ಯುನ್ನತ ಗೌರವವಾಗಿದೆ. ನಿರಂತರವಾಗಿ ಅವರ ಹಲವಾರು ಶೈಲಿಯ ಜಾನಪದ ಗೀತೆಗಳು ಸೂರಿಗೆ ಮಾರುಹೋಗುವಂತೆ
ವಿಶೇಷ, ಅವರು ಯಾವಾಗಲೂ ಯಶಸ್ವಿನ ಮೆಟ್ಟಿಲುಗಳನ್ನು ಏರುತ್ತಾ ಸಾಗಲಿ ಎಂಬುದೇ ನಮ್ಮೆಲ್ಲರ ಆಶಯ. ಮತ್ತೊಮ್ಮೆ ರುದ್ರಾಂಬಿಕಾ ಮಹಾಂತೇಶ ಯಳಗಿ ಅವರು ಬೆಳಗಾವಿ ಜಿಲ್ಲೆಯ ಸಮಸ್ತ ಕನ್ನಡ ಸಾಹಿತ್ಯ ಪರಿಷತ್ತಿನ ಸರ್ವ ಸದಸ್ಯರ ಪರವಾಗಿ ಅಭಿನಂದನೆಗಳು. ಜಾನಪದ ಅಕಾಡೆಮಿ ಸದಸ್ಯ ಹಾಗೂ ಕಮಿಟಿಯ ಸರ್ವ ಸದಸ್ಯರ ಪರವಾಗಿ ಹೃತ್ಪೂರ್ವಕ ಅಭಿನಂದನೆಗಳು ಎಂದು ಬೆಳಗಾವಿ ಜಿಲ್ಲಾ ಕನ್ನಡ ಸಾಹಿತ್ಯ ಪರಿಷತ್ತಿನ ಅಧ್ಯಕ್ಷರು, ಮಂಗಲಾ ಶ್ರೀ. ಮೆಟಗುಡ್ಡ ಅವರು ತಿಳಿಸಿದ್ದಾರೆ.
ಕುಲಕರ್ಣಿ: ಸಮಾಜ ಕಲ್ಯಾಣ ಇಲಾಖೆಯ ಸಹಾಯಕ ನಿರ್ದೇಶಕ ವಿ.ಜೆ.ಯೋಗೇಶ್ ಅವರ ಸೇವಾ ನಿವೃತ್ತಿಹೊಂದಿದ ಪ್ರಯುಕ್ತ ಅತ್ಯೀಯವಾಗಿ ಸಿಬ್ಬಂದಿಗಳೊಂದಿಗೆ ದಂಪತಿಗಳನ್ನು ಸನ್ಮಾನಿಸಿ ಬೀಳ್ಕೊಡಲಾಯಿತು. ಈ ಸಂದರ್ಭದಲ್ಲಿ ತಾ. ಪಂ ಕಾರ್ಯನಿರ್ವಾಹಕ ಅಧಿಕಾರಿ ಪಿ. ವಾಯ್ ಸಾವಂತ, ಕ್ಷೇತ್ರ ಶಿಕ್ಷಣಾಧಿಕಾರಿ ಬಸವರಾಜ ಮಿಲಾನಟ್ಟಿ, ಹಿರಿಯ ಪ್ರಾಧ್ಯಾಪಕ ಡಾ. ಯೋಗೇಶ್ ದೇವೇಂದ್ರ ಲಮಾಣಿ, ಬಿ. ಎಂ ಹಿರೇಮಠ, ನೌಕರ ಸಂಘದ ಅಧ್ಯಕ್ಷ ಜಗದೀಶ ವಿಕ್ರಮೇಶ, ನೌಕರ ಸಂಘದ ಉಪಾಧ್ಯಕ್ಷರಾದ ಚಿಕ್ಕಣ್ಣವರ, ಕೆ. ನಾ. ಪ ಅಧ್ಯಕ್ಷ ರಮೇಶ ಸೋಲಾಪೂರ, ಸಿಬ್ಬಂದಿಗಳಾದ ರಾಜು ಕುಂಬಾರ, ಈಶ್ವರಪ್ಪ ಪಾಟೀಲ, ಸಂಜು ಹೇರಕೆರಿ, ಆರ್. ಎನ್ ಸಧಾಪ್, ವಿದ್ಯಾ ಡೊಂಬರ, ಇದ್ದರು.
ಪುರಸಭೆ ಕಾರ್ಯಾಲಯ, ಬೈಲಹೊಂಗಲ (ಜಿಲ್ಲೆ): ಬೆಳಗಾವಿ
ಕ್ರ: ಪುಸಭೈ/ಕಾ:ಟೆಂಡ್ರ:2025–26:350 ದಿನಾಂಕ:02–08–2025
ಟೆಂಡರ ಪ್ರಕಟಣೆ
(ಈ–ಪ್ರೊಕ್ಯೂರ್‌ಮೆಂಟ್ ಪೋರ್ಟಲ್ ಮುಖಾಂತರ)
ಬೈಲಹೊಂಗಲ ಪುರಸಭೆ ವ್ಯಾಪ್ತಿಯಲ್ಲಿ 2024–25 ನೇ ಸಾಲಿನ ಪುರಸಭೆ ಸಾಮಾನ್ಯ ನಿಧಿ ಅನುದಾನದಡಿ ಒಟ್ಟು 06 ಕಾಮಗಾರಿಗಳಿಗೆ ಕೆಡ್ಲ್ಯು–1&2 ರ ಮಾದರಿಯಲ್ಲಿ ಟೆಂಡರ ಆಹ್ವಾನಿಸಲಾಗಿದೆ. ಕಾಮಗಾರಿ ಅವಧಿಯು ಮೇಲಿನ ಕಾಮಗಾರಿಗಳ 3 ತಿಂಗಳು ಇರುತ್ತದೆ. ಅರ್ಜಿಯ ಮೊತ್ತ ರೂ.6.00 ಲಕ್ಷ ದಿಂದ ರೂ. 20.00 ಲಕ್ಷಗಳ ಕಾಮಗಾರಿಗಳಿದ್ದು ಟೆಂಡರ ದಾಖಲೆಗಳನ್ನು ಇ–ಪ್ರೊಕ್ಯೂರ್‌ಮೆಂಟ್ https://kppp.karnataka.gov.in/#/portal/portal-home ಮುಖಾಂತರ ಪಡೆಯಬಹುದು. ಆಸಕ್ತ ಬಿಡ್ಡುದಾರರು ನೋಂದಾಯಿತ ಗುತ್ತಿಗೆದಾರರಾಗಿದ್ದು ಅರ್ಹತಾ ಹಾಗೂ ದಾಖಲೆಗಳನ್ನು ನಿಗದಿತ ಅವಧಿಯಲ್ಲಿ ಸಲ್ಲಿಸಬೇಕು. ಟೆಂಡರ ದಸ್ತಾವೇಜುಗಳನ್ನು ಪಡೆಯಲು ದಿನಾಂಕ:04–08–2025 ರಿಂದ ದಿನಾಂಕ:19–08–2025 ಸಾಯಂಕಾಲ 17.30 ರವರೆಗೆ ಅವಕಾಶವಿದೆ. ಟೆಂಡರ್ ತೆರೆಯುವ ದಿನಾಂಕ:21–08–2025 ಮುಂಜಾನೆ 11.00 ಘಂಟೆಗೆ ತೆರೆಯಲಾಗುವುದು. ಆರ್ಥಿಕ ಬಿಡ್ ತೆರೆಯುವ ದಿನಾಂಕ: 25–08–2025 ಮುಂಜಾನೆ 11.00 ಗಂಟೆಗೆ. ಯಾವುದೇ ಕಾರಣ ನೀಡದೇ ಎಲ್ಲಾ ಟೆಂಡರ ತಿರಸ್ಕರಿಸುವ ಹಕ್ಕನ್ನು ಮುಖ್ಯಾಧಿಕಾರಿಗಳು ಕಾಯ್ದಿರಿಸಿದ್ದಾರೆ. ಈ ಬಗ್ಗೆ ಏನಾದರು ತಿದ್ದುಪಡಿ (Corrigendum) ವಿನಾರು ಇದ್ದಲ್ಲಿ ಇ–ಪೋರ್ಟಲ್‌ನಲ್ಲಿ ಮಾತ್ರ ಪ್ರಕಟಿಸಲಾಗುವುದು. ಹೆಚ್ಚಿನ ಮಾಹಿತಿಗಾಗಿ ಕಚೇರಿಯ ವೆಬ್‌ಸೈಟ್ www.bailhongalatown.mrc.gov.in/en/tenders or https://kppp.karnataka.gov.in/#/portal/portal-home ನಲ್ಲಿ ನೋಡಬಹುದು.
ಸಹಿ/–
ಮುಖ್ಯಾಧಿಕಾರಿ
ಪುರಸಭೆ ಬೈಲಹೊಂಗಲ
ಸಹಿ/–
ಅಧ್ಯಕ್ಷರು
ಪುರಸಭೆ ಬೈಲಹೊಂಗಲ
DIPRO/BGM/RONO. 779/2025-26
